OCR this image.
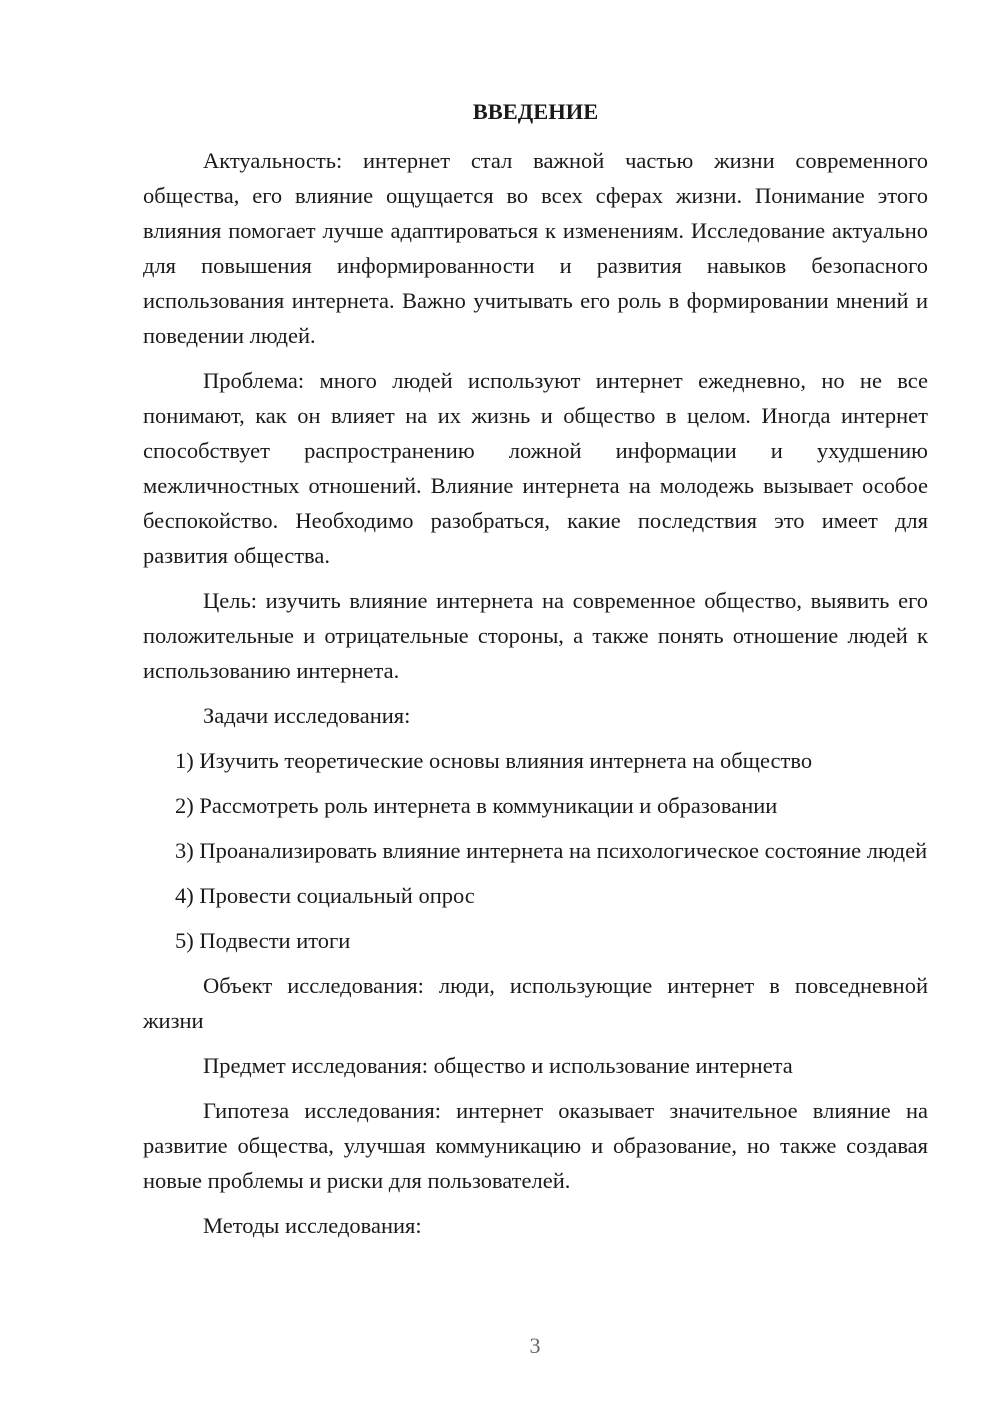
ВВЕДЕНИЕ

Актуальность: интернет стал важной частью жизни современного общества, его влияние ощущается во всех сферах жизни. Понимание этого влияния помогает лучше адаптироваться к изменениям. Исследование актуально для повышения информированности и развития навыков безопасного использования интернета. Важно учитывать его роль в формировании мнений и поведении людей.

Проблема: много людей используют интернет ежедневно, но не все понимают, как он влияет на их жизнь и общество в целом. Иногда интернет способствует распространению ложной информации и ухудшению межличностных отношений. Влияние интернета на молодежь вызывает особое беспокойство. Необходимо разобраться, какие последствия это имеет для развития общества.

Цель: изучить влияние интернета на современное общество, выявить его положительные и отрицательные стороны, а также понять отношение людей к использованию интернета.

Задачи исследования:

1) Изучить теоретические основы влияния интернета на общество

2) Рассмотреть роль интернета в коммуникации и образовании

3) Проанализировать влияние интернета на психологическое состояние людей

4) Провести социальный опрос

5) Подвести итоги

Объект исследования: люди, использующие интернет в повседневной жизни

Предмет исследования: общество и использование интернета

Гипотеза исследования: интернет оказывает значительное влияние на развитие общества, улучшая коммуникацию и образование, но также создавая новые проблемы и риски для пользователей.

Методы исследования:

3
